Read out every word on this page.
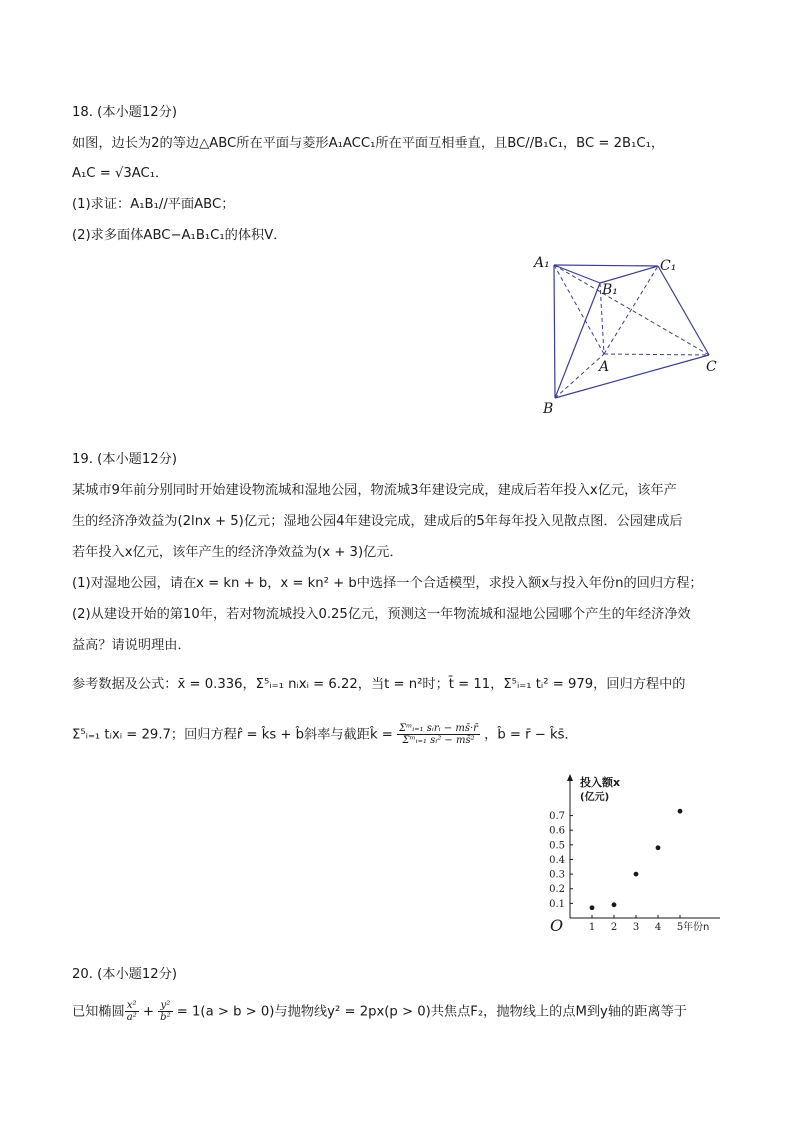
18. (本小题12分)
如图，边长为2的等边△ABC所在平面与菱形A₁ACC₁所在平面互相垂直，且BC//B₁C₁，BC = 2B₁C₁，
A₁C = √3AC₁．
(1)求证：A₁B₁//平面ABC；
(2)求多面体ABC−A₁B₁C₁的体积V．
A₁	C₁
B₁
A	C
B
19. (本小题12分)
某城市9年前分别同时开始建设物流城和湿地公园，物流城3年建设完成，建成后若年投入x亿元，该年产
生的经济净效益为(2lnx + 5)亿元；湿地公园4年建设完成，建成后的5年每年投入见散点图．公园建成后
若年投入x亿元，该年产生的经济净效益为(x + 3)亿元．
(1)对湿地公园，请在x = kn + b，x = kn² + b中选择一个合适模型，求投入额x与投入年份n的回归方程；
(2)从建设开始的第10年，若对物流城投入0.25亿元，预测这一年物流城和湿地公园哪个产生的年经济净效
益高？请说明理由．
参考数据及公式：x̄ = 0.336，Σ⁵ᵢ₌₁ nᵢxᵢ = 6.22，当t = n²时；t̄ = 11，Σ⁵ᵢ₌₁ tᵢ² = 979，回归方程中的
Σ⁵ᵢ₌₁ tᵢxᵢ = 29.7；回归方程r̂ = k̂s + b̂斜率与截距k̂ = $\frac{\text{Σᵐᵢ₌₁ sᵢrᵢ − ms̄·r̄}}{\text{Σᵐᵢ₌₁ sᵢ² − ms̄²}}$ ，b̂ = r̄ − k̂s̄．
投入额x
(亿元)
年份n
O	1 2 3 4 5
0.1
0.2
0.3
0.4
0.5
0.6
0.7
20. (本小题12分)
已知椭圆 $\frac{\text{x²}}{\text{a²}} + \frac{\text{y²}}{\text{b²}} = 1(a > b > 0)$与抛物线y² = 2px(p > 0)共焦点F₂，抛物线上的点M到y轴的距离等于
